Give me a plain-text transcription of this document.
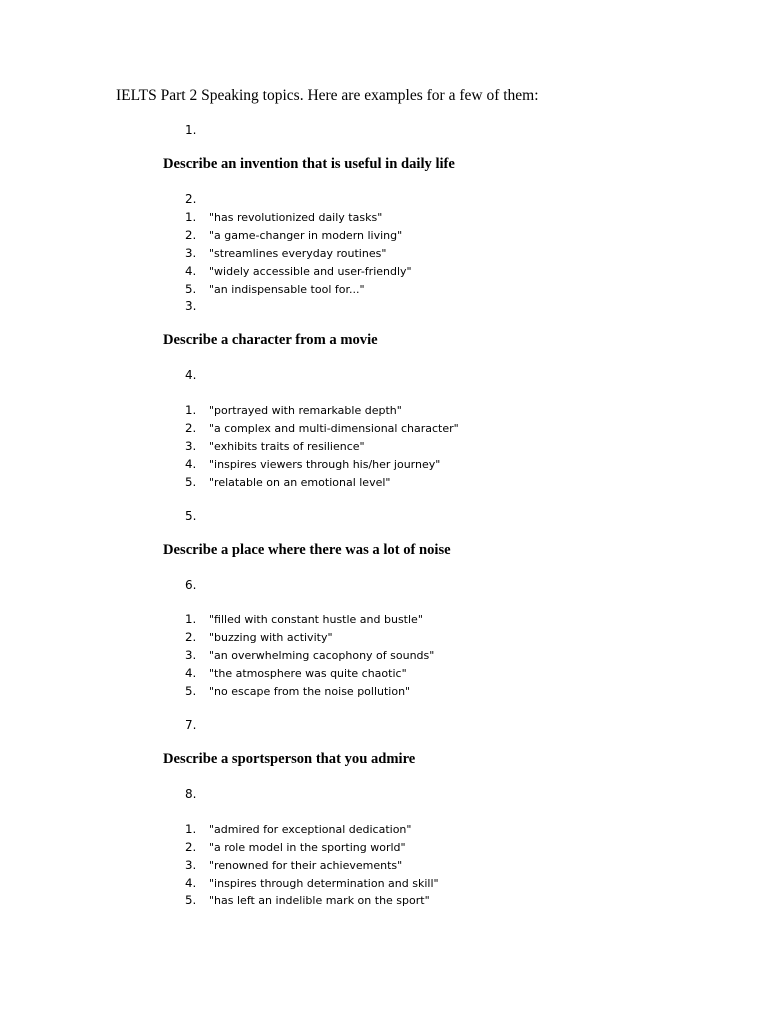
IELTS Part 2 Speaking topics. Here are examples for a few of them:
1.
Describe an invention that is useful in daily life
2.
1. "has revolutionized daily tasks"
2. "a game-changer in modern living"
3. "streamlines everyday routines"
4. "widely accessible and user-friendly"
5. "an indispensable tool for..."
3.
Describe a character from a movie
4.
1. "portrayed with remarkable depth"
2. "a complex and multi-dimensional character"
3. "exhibits traits of resilience"
4. "inspires viewers through his/her journey"
5. "relatable on an emotional level"
5.
Describe a place where there was a lot of noise
6.
1. "filled with constant hustle and bustle"
2. "buzzing with activity"
3. "an overwhelming cacophony of sounds"
4. "the atmosphere was quite chaotic"
5. "no escape from the noise pollution"
7.
Describe a sportsperson that you admire
8.
1. "admired for exceptional dedication"
2. "a role model in the sporting world"
3. "renowned for their achievements"
4. "inspires through determination and skill"
5. "has left an indelible mark on the sport"
